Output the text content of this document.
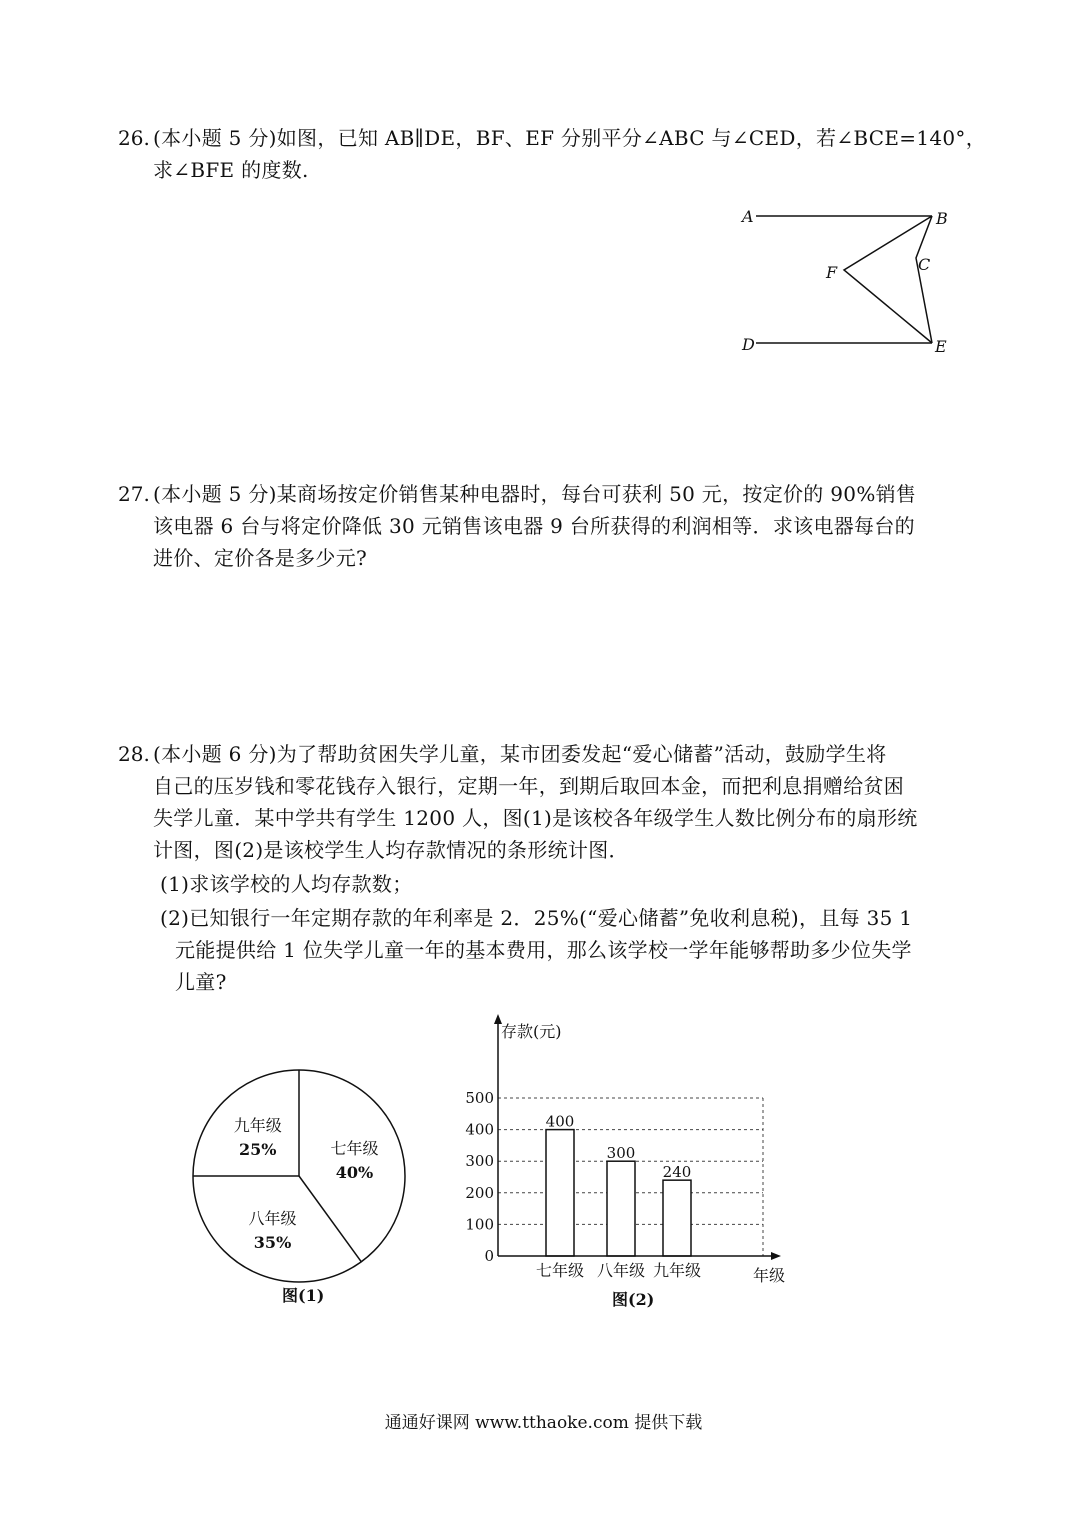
26. (本小题 5 分)如图，已知 AB∥DE，BF、EF 分别平分∠ABC 与∠CED，若∠BCE=140°，
求∠BFE 的度数.
A	B
C
F
D	E
27. (本小题 5 分)某商场按定价销售某种电器时，每台可获利 50 元，按定价的 90%销售
该电器 6 台与将定价降低 30 元销售该电器 9 台所获得的利润相等．求该电器每台的
进价、定价各是多少元?
28. (本小题 6 分)为了帮助贫困失学儿童，某市团委发起“爱心储蓄”活动，鼓励学生将
自己的压岁钱和零花钱存入银行，定期一年，到期后取回本金，而把利息捐赠给贫困
失学儿童．某中学共有学生 1200 人，图(1)是该校各年级学生人数比例分布的扇形统
计图，图(2)是该校学生人均存款情况的条形统计图．
(1)求该学校的人均存款数；
(2)已知银行一年定期存款的年利率是 2．25%(“爱心储蓄”免收利息税)，且每 35 1
元能提供给 1 位失学儿童一年的基本费用，那么该学校一学年能够帮助多少位失学
儿童?
七年级
40%
八年级
35%
九年级
25%
图(1)
400
七年级
300
八年级
240
九年级
0
100
200
300
400
500
存款(元)
年级
图(2)
通通好课网 www.tthaoke.com 提供下载
